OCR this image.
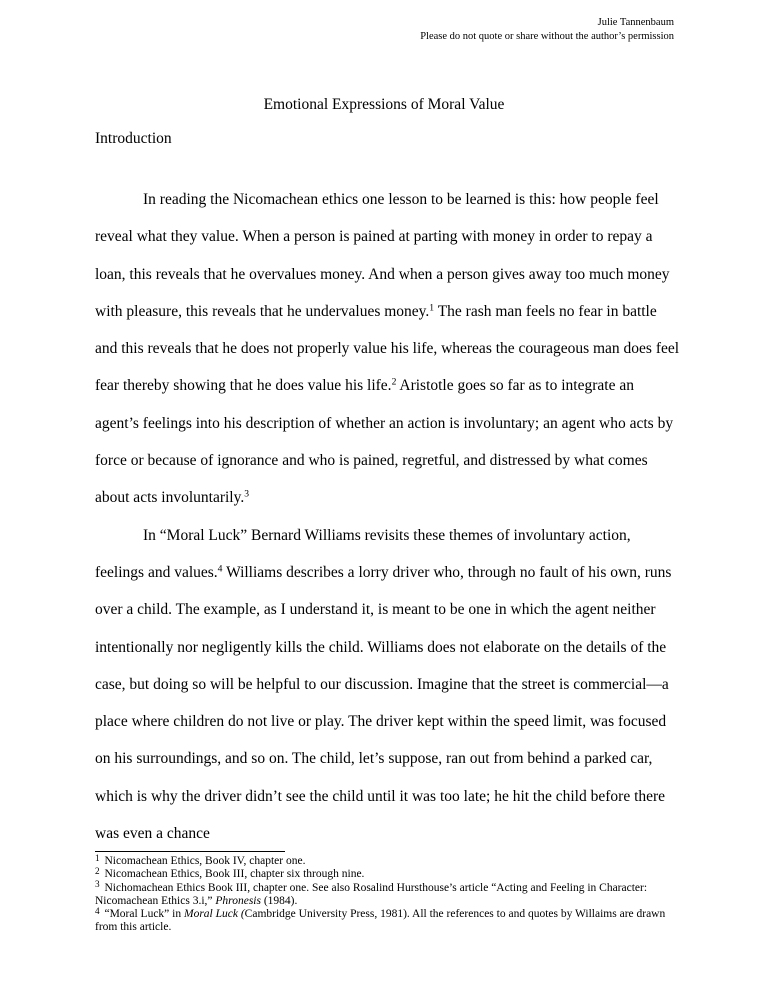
Julie Tannenbaum
Please do not quote or share without the author’s permission
Emotional Expressions of Moral Value
Introduction

In reading the Nicomachean ethics one lesson to be learned is this: how people feel reveal what they value. When a person is pained at parting with money in order to repay a loan, this reveals that he overvalues money. And when a person gives away too much money with pleasure, this reveals that he undervalues money.$^1$ The rash man feels no fear in battle and this reveals that he does not properly value his life, whereas the courageous man does feel fear thereby showing that he does value his life.$^2$ Aristotle goes so far as to integrate an agent’s feelings into his description of whether an action is involuntary; an agent who acts by force or because of ignorance and who is pained, regretful, and distressed by what comes about acts involuntarily.$^3$

In “Moral Luck” Bernard Williams revisits these themes of involuntary action, feelings and values.$^4$ Williams describes a lorry driver who, through no fault of his own, runs over a child. The example, as I understand it, is meant to be one in which the agent neither intentionally nor negligently kills the child. Williams does not elaborate on the details of the case, but doing so will be helpful to our discussion. Imagine that the street is commercial—a place where children do not live or play. The driver kept within the speed limit, was focused on his surroundings, and so on. The child, let’s suppose, ran out from behind a parked car, which is why the driver didn’t see the child until it was too late; he hit the child before there was even a chance

$^1$ Nicomachean Ethics, Book IV, chapter one.

$^2$ Nicomachean Ethics, Book III, chapter six through nine.

$^3$ Nichomachean Ethics Book III, chapter one. See also Rosalind Hursthouse’s article “Acting and Feeling in Character: Nicomachean Ethics 3.i,” Phronesis (1984).

$^4$ “Moral Luck” in Moral Luck (Cambridge University Press, 1981). All the references to and quotes by Willaims are drawn from this article.
